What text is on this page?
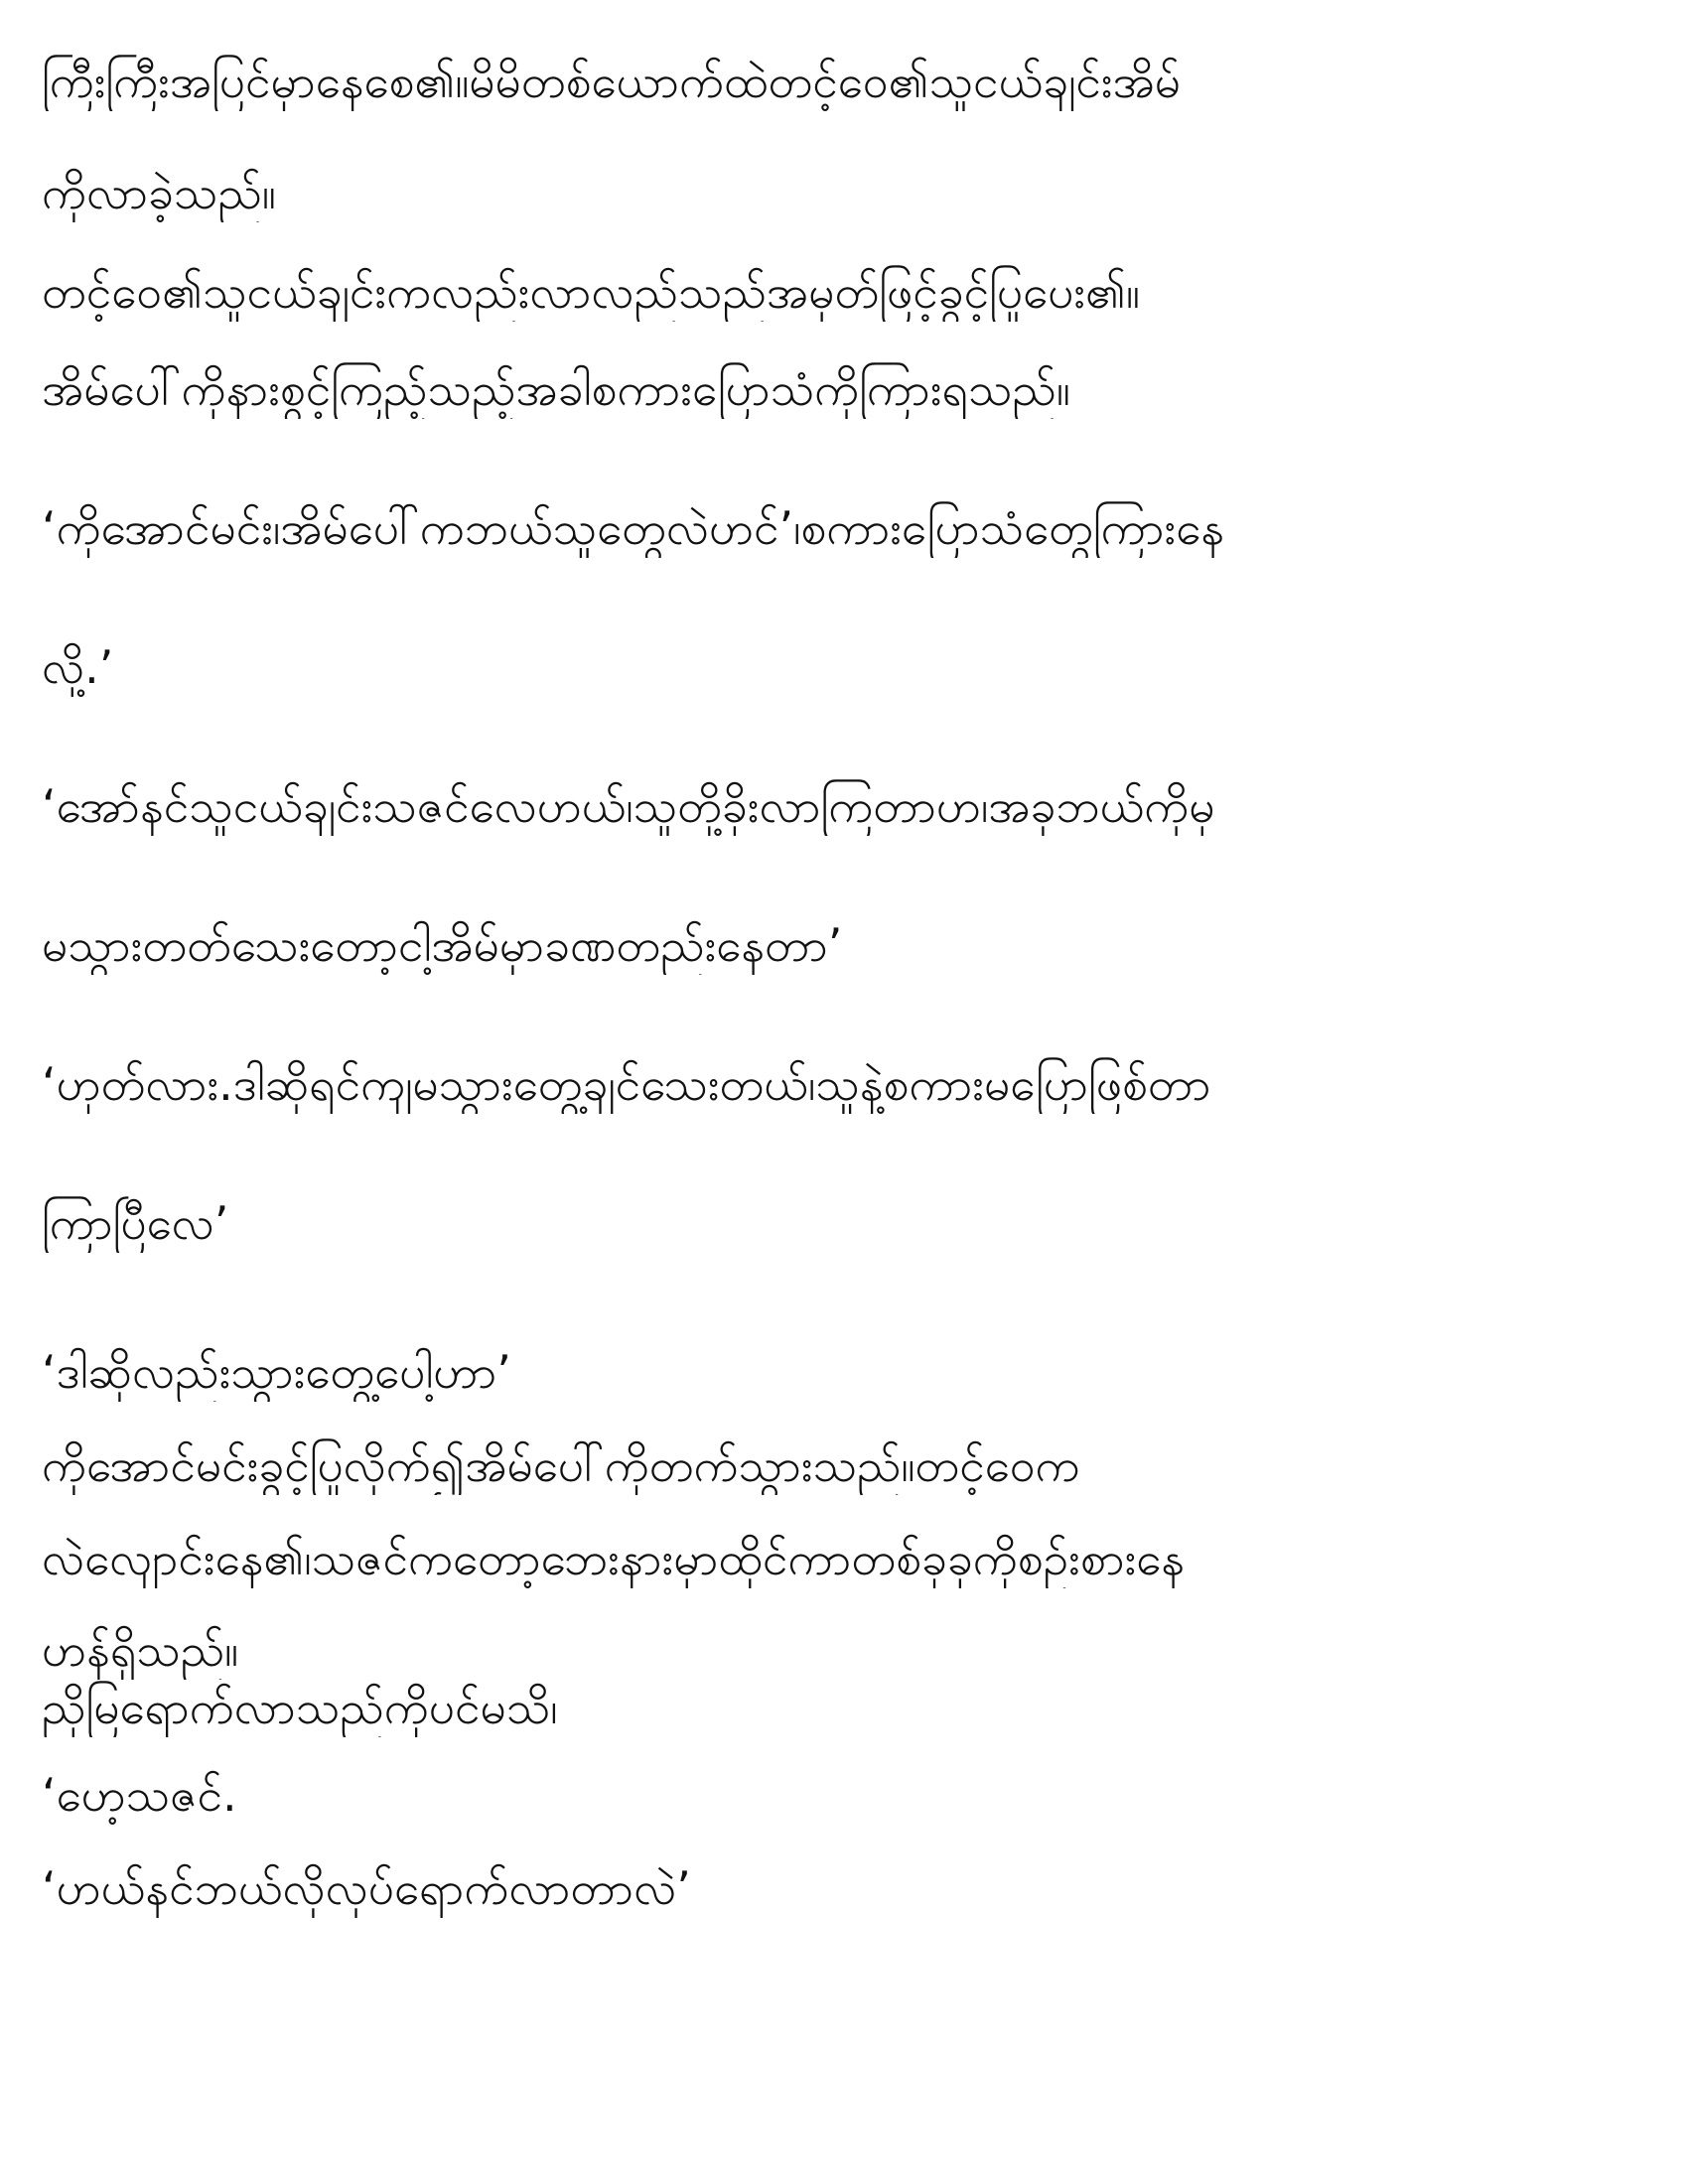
ကြီးကြီးအပြင်မှာနေစေ၏။မိမိတစ်ယောက်ထဲတင့်ဝေ၏သူငယ်ချင်းအိမ်
ကိုလာခဲ့သည်။
တင့်ဝေ၏သူငယ်ချင်းကလည်းလာလည်သည်အမှတ်ဖြင့်ခွင့်ပြုပေး၏။
အိမ်ပေါ်ကိုနားစွင့်ကြည့်သည့်အခါစကားပြောသံကိုကြားရသည်။
‘ကိုအောင်မင်း၊အိမ်ပေါ်ကဘယ်သူတွေလဲဟင်’၊စကားပြောသံတွေကြားနေ
လို့.’
‘အော်နင်သူငယ်ချင်းသဇင်လေဟယ်၊သူတို့ခိုးလာကြတာဟ၊အခုဘယ်ကိုမှ
မသွားတတ်သေးတော့ငါ့အိမ်မှာခဏတည်းနေတာ’
‘ဟုတ်လား.ဒါဆိုရင်ကျမသွားတွေ့ချင်သေးတယ်၊သူနဲ့စကားမပြောဖြစ်တာ
ကြာပြီလေ’
‘ဒါဆိုလည်းသွားတွေ့ပေါ့ဟာ’
ကိုအောင်မင်းခွင့်ပြုလိုက်၍အိမ်ပေါ်ကိုတက်သွားသည်။တင့်ဝေက
လဲလျောင်းနေ၏၊သဇင်ကတော့ဘေးနားမှာထိုင်ကာတစ်ခုခုကိုစဉ်းစားနေ
ဟန်ရှိသည်။
ညိုမြရောက်လာသည်ကိုပင်မသိ၊
‘ဟေ့သဇင်.
‘ဟယ်နင်ဘယ်လိုလုပ်ရောက်လာတာလဲ’
